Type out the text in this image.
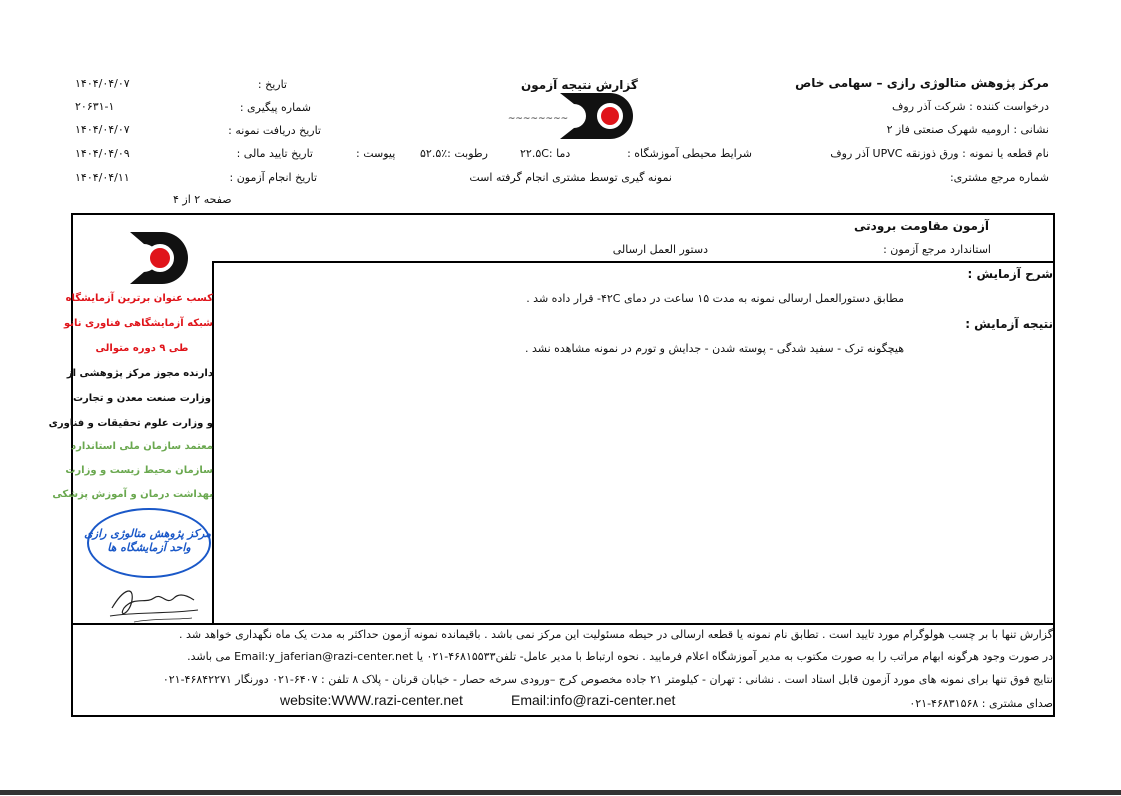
مرکز پژوهش متالوژی رازی – سهامی خاص
درخواست کننده : شرکت آذر روف
نشانی : ارومیه شهرک صنعتی فاز ۲
نام قطعه یا نمونه : ورق ذوزنقه UPVC آذر روف
شماره مرجع مشتری:
گزارش نتیجه آزمون
~~~~~~~~
شرایط محیطی آموزشگاه :
دما :۲۲.۵C
رطوبت :٪۵۲.۵
پیوست :
نمونه گیری توسط مشتری انجام گرفته است
تاریخ :
شماره پیگیری :
تاریخ دریافت نمونه :
تاریخ تایید مالی :
تاریخ انجام آزمون :
۱۴۰۴/۰۴/۰۷
۲۰۶۳۱-۱
۱۴۰۴/۰۴/۰۷
۱۴۰۴/۰۴/۰۹
۱۴۰۴/۰۴/۱۱
صفحه ۲ از ۴
آزمون مقاومت برودتی
استاندارد مرجع آزمون :
دستور العمل ارسالی
شرح آزمایش :
مطابق دستورالعمل ارسالی نمونه به مدت ۱۵ ساعت در دمای ۴۲C- قرار داده شد .
نتیجه آزمایش :
هیچگونه ترک - سفید شدگی - پوسته شدن - جدایش و تورم در نمونه مشاهده نشد .
کسب عنوان برترین آزمایشگاه
شبکه آزمایشگاهی فناوری نانو
طی ۹ دوره متوالی
دارنده مجوز مرکز پژوهشی از
وزارت صنعت معدن و تجارت
و وزارت علوم تحقیقات و فناوری
معتمد سازمان ملی استاندارد
سازمان محیط زیست و وزارت
بهداشت درمان و آموزش پزشکی
مرکز پژوهش متالوژی رازی
واحد آزمایشگاه ها
گزارش تنها با بر چسب هولوگرام مورد تایید است . تطابق نام نمونه یا قطعه ارسالی در حیطه مسئولیت این مرکز نمی باشد . باقیمانده نمونه آزمون حداکثر به مدت یک ماه نگهداری خواهد شد .
در صورت وجود هرگونه ابهام مراتب را به صورت مکتوب به مدیر آموزشگاه اعلام فرمایید . نحوه ارتباط با مدیر عامل- تلفن۴۶۸۱۵۵۳۳-۰۲۱ یا Email:y_jaferian@razi-center.net می باشد.
نتایج فوق تنها برای نمونه های مورد آزمون قابل استاد است . نشانی : تهران - کیلومتر ۲۱ جاده مخصوص کرج –ورودی سرخه حصار - خیابان قرنان - پلاک ۸ تلفن : ۶۴۰۷-۰۲۱ دورنگار ۴۶۸۴۲۲۷۱-۰۲۱
website:WWW.razi-center.net	Email:info@razi-center.net	صدای مشتری : ۴۶۸۳۱۵۶۸-۰۲۱
